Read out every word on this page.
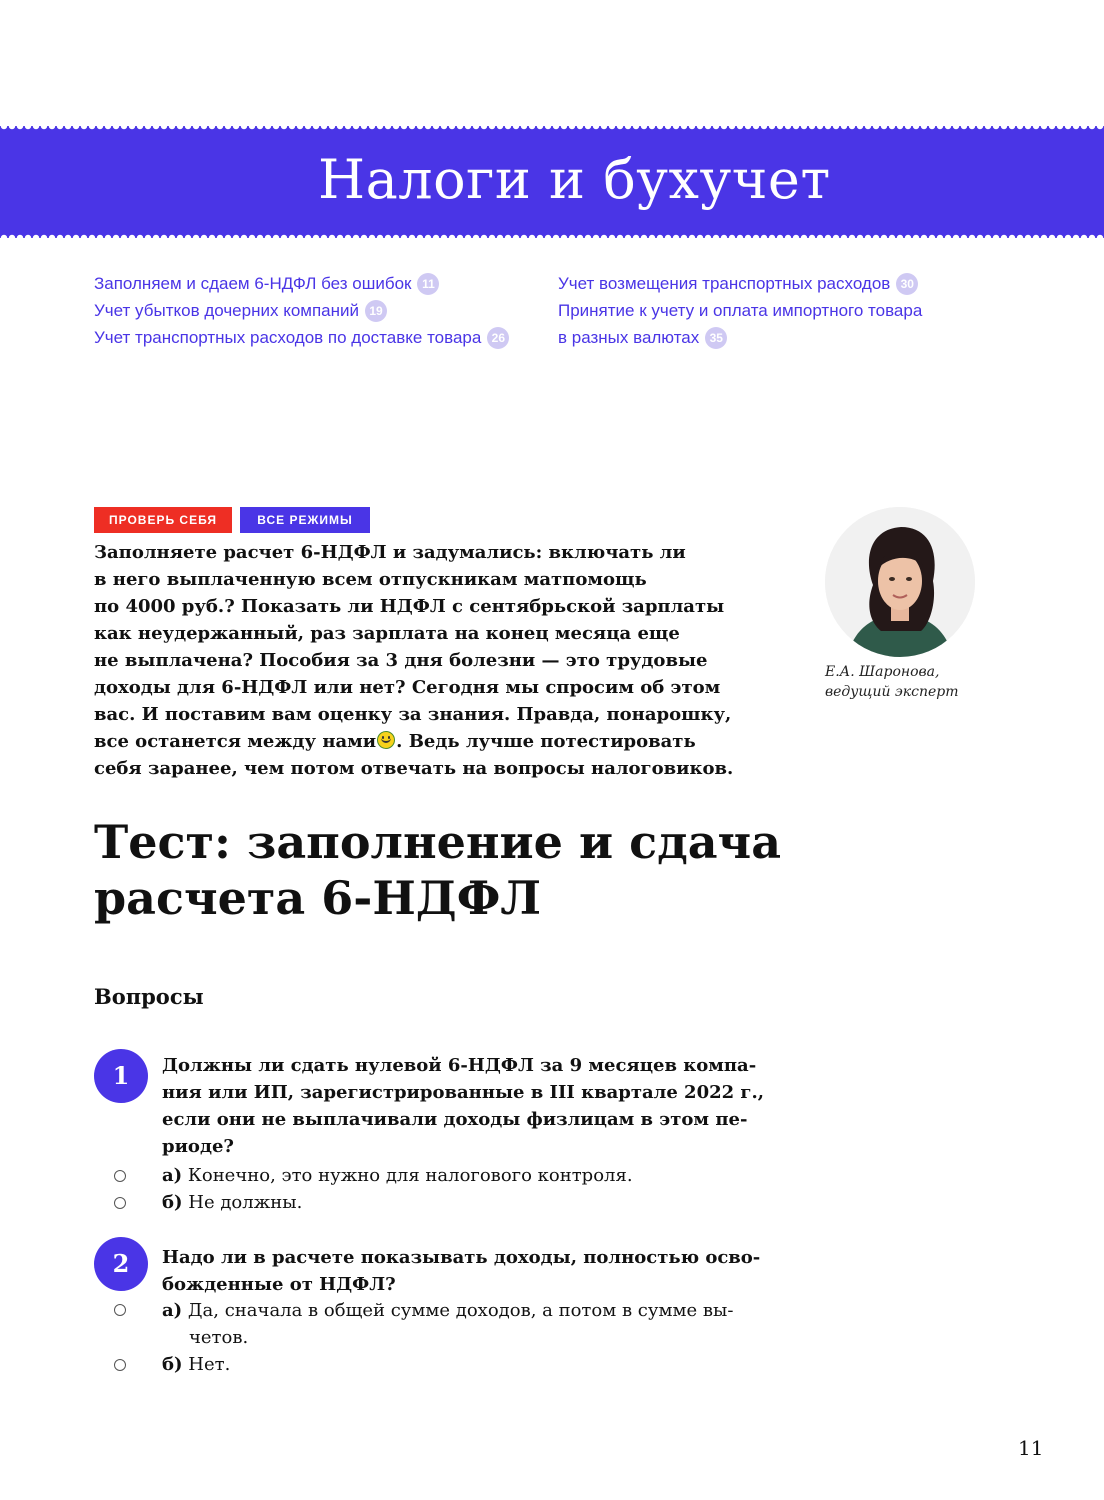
Налоги и бухучет
Заполняем и сдаем 6-НДФЛ без ошибок 11
Учет убытков дочерних компаний 19
Учет транспортных расходов по доставке товара 26
Учет возмещения транспортных расходов 30
Принятие к учету и оплата импортного товара
в разных валютах 35
ПРОВЕРЬ СЕБЯ	ВСЕ РЕЖИМЫ

Заполняете расчет 6-НДФЛ и задумались: включать ли
в него выплаченную всем отпускникам матпомощь
по 4000 руб.? Показать ли НДФЛ с сентябрьской зарплаты
как неудержанный, раз зарплата на конец месяца еще
не выплачена? Пособия за 3 дня болезни — это трудовые
доходы для 6-НДФЛ или нет? Сегодня мы спросим об этом
вас. И поставим вам оценку за знания. Правда, понарошку,
все останется между нами . Ведь лучше потестировать
себя заранее, чем потом отвечать на вопросы налоговиков.

Е.А. Шаронова,
ведущий эксперт
Тест: заполнение и сдача
расчета 6-НДФЛ
Вопросы
1	Должны ли сдать нулевой 6-НДФЛ за 9 месяцев компа-
ния или ИП, зарегистрированные в III квартале 2022 г.,
если они не выплачивали доходы физлицам в этом пе-
риоде?
а) Конечно, это нужно для налогового контроля.
б) Не должны.
2	Надо ли в расчете показывать доходы, полностью осво-
божденные от НДФЛ?
а) Да, сначала в общей сумме доходов, а потом в сумме вы-
четов.
б) Нет.
11
